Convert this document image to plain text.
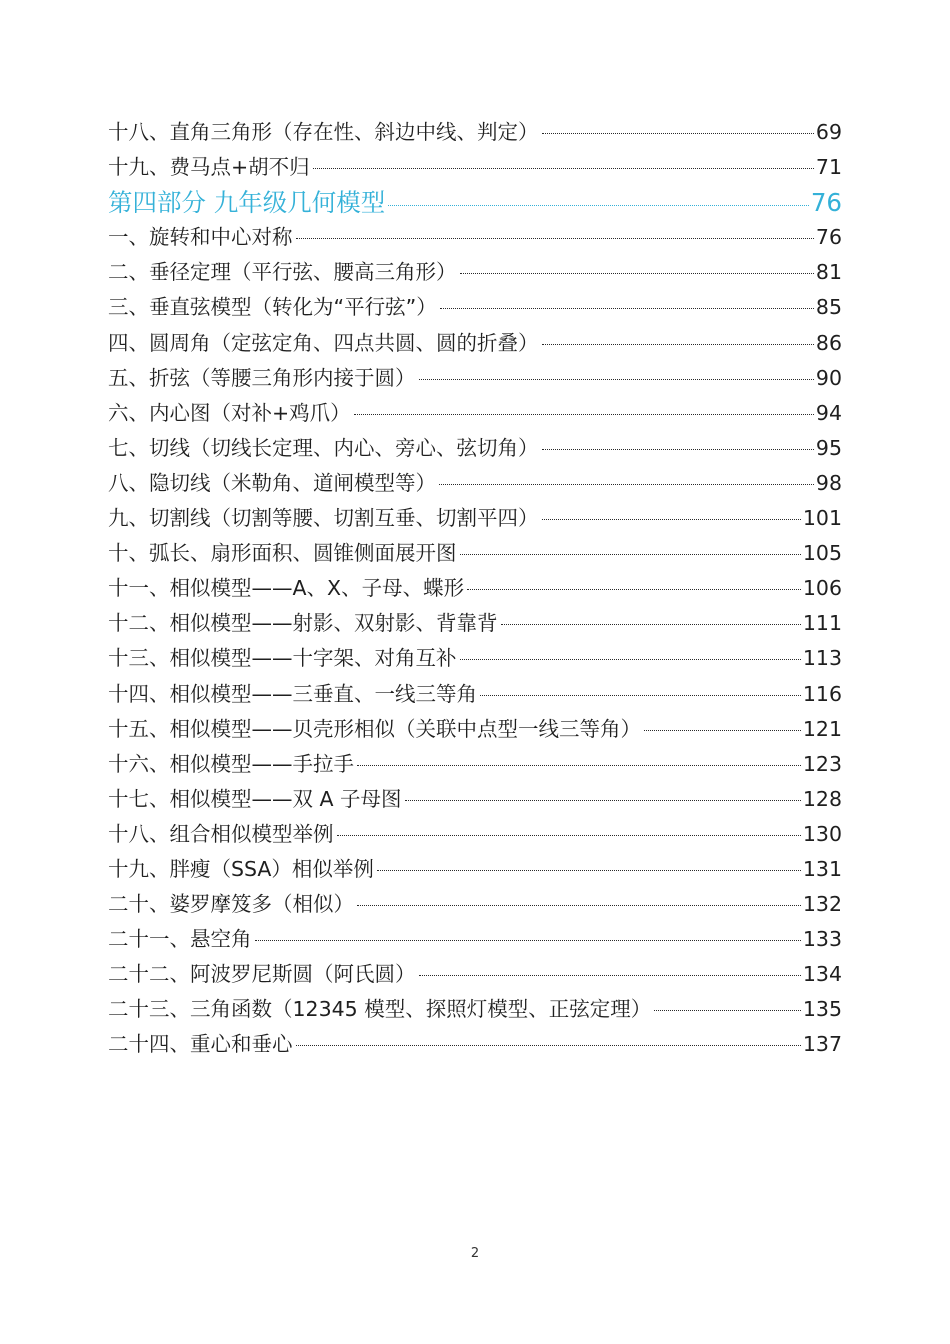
十八、直角三角形（存在性、斜边中线、判定）	69
十九、费马点+胡不归	71
第四部分 九年级几何模型	76
一、旋转和中心对称	76
二、垂径定理（平行弦、腰高三角形）	81
三、垂直弦模型（转化为“平行弦”）	85
四、圆周角（定弦定角、四点共圆、圆的折叠）	86
五、折弦（等腰三角形内接于圆）	90
六、内心图（对补+鸡爪）	94
七、切线（切线长定理、内心、旁心、弦切角）	95
八、隐切线（米勒角、道闸模型等）	98
九、切割线（切割等腰、切割互垂、切割平四）	101
十、弧长、扇形面积、圆锥侧面展开图	105
十一、相似模型——A、X、子母、蝶形	106
十二、相似模型——射影、双射影、背靠背	111
十三、相似模型——十字架、对角互补	113
十四、相似模型——三垂直、一线三等角	116
十五、相似模型——贝壳形相似（关联中点型一线三等角）	121
十六、相似模型——手拉手	123
十七、相似模型——双 A 子母图	128
十八、组合相似模型举例	130
十九、胖瘦（SSA）相似举例	131
二十、婆罗摩笈多（相似）	132
二十一、悬空角	133
二十二、阿波罗尼斯圆（阿氏圆）	134
二十三、三角函数（12345 模型、探照灯模型、正弦定理）	135
二十四、重心和垂心	137
2
